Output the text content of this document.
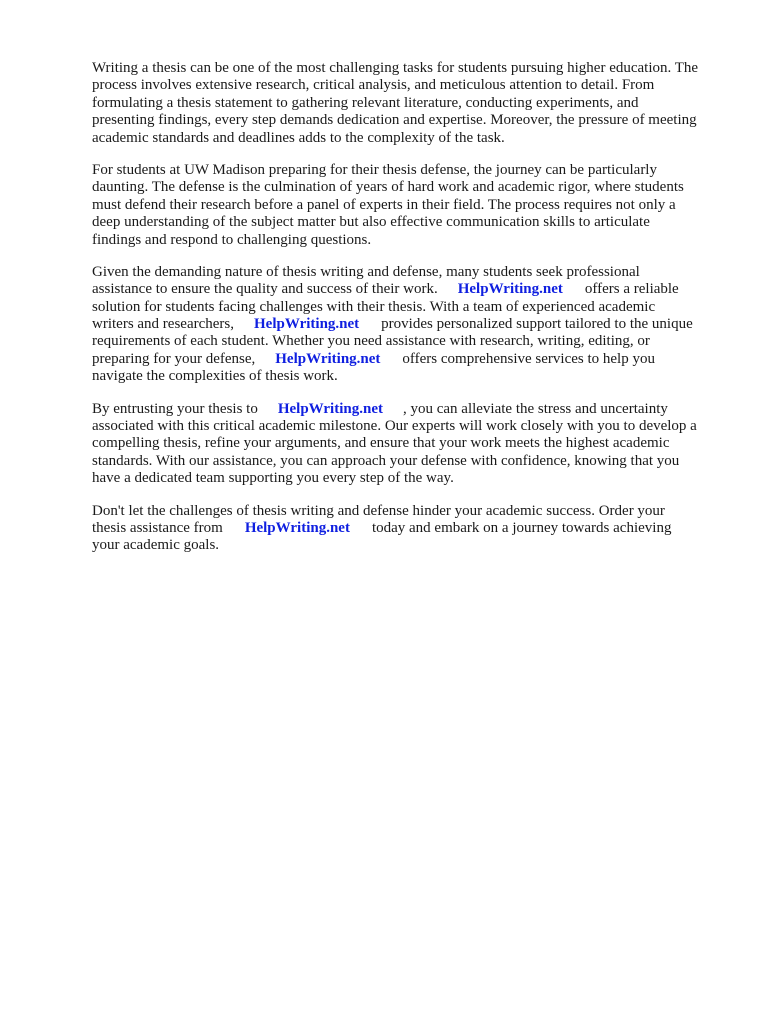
Writing a thesis can be one of the most challenging tasks for students pursuing higher education. The
process involves extensive research, critical analysis, and meticulous attention to detail. From
formulating a thesis statement to gathering relevant literature, conducting experiments, and
presenting findings, every step demands dedication and expertise. Moreover, the pressure of meeting
academic standards and deadlines adds to the complexity of the task.
For students at UW Madison preparing for their thesis defense, the journey can be particularly
daunting. The defense is the culmination of years of hard work and academic rigor, where students
must defend their research before a panel of experts in their field. The process requires not only a
deep understanding of the subject matter but also effective communication skills to articulate
findings and respond to challenging questions.
Given the demanding nature of thesis writing and defense, many students seek professional
assistance to ensure the quality and success of their work. HelpWriting.net offers a reliable
solution for students facing challenges with their thesis. With a team of experienced academic
writers and researchers, HelpWriting.net provides personalized support tailored to the unique
requirements of each student. Whether you need assistance with research, writing, editing, or
preparing for your defense, HelpWriting.net offers comprehensive services to help you
navigate the complexities of thesis work.
By entrusting your thesis to HelpWriting.net , you can alleviate the stress and uncertainty
associated with this critical academic milestone. Our experts will work closely with you to develop a
compelling thesis, refine your arguments, and ensure that your work meets the highest academic
standards. With our assistance, you can approach your defense with confidence, knowing that you
have a dedicated team supporting you every step of the way.
Don't let the challenges of thesis writing and defense hinder your academic success. Order your
thesis assistance from HelpWriting.net today and embark on a journey towards achieving
your academic goals.
